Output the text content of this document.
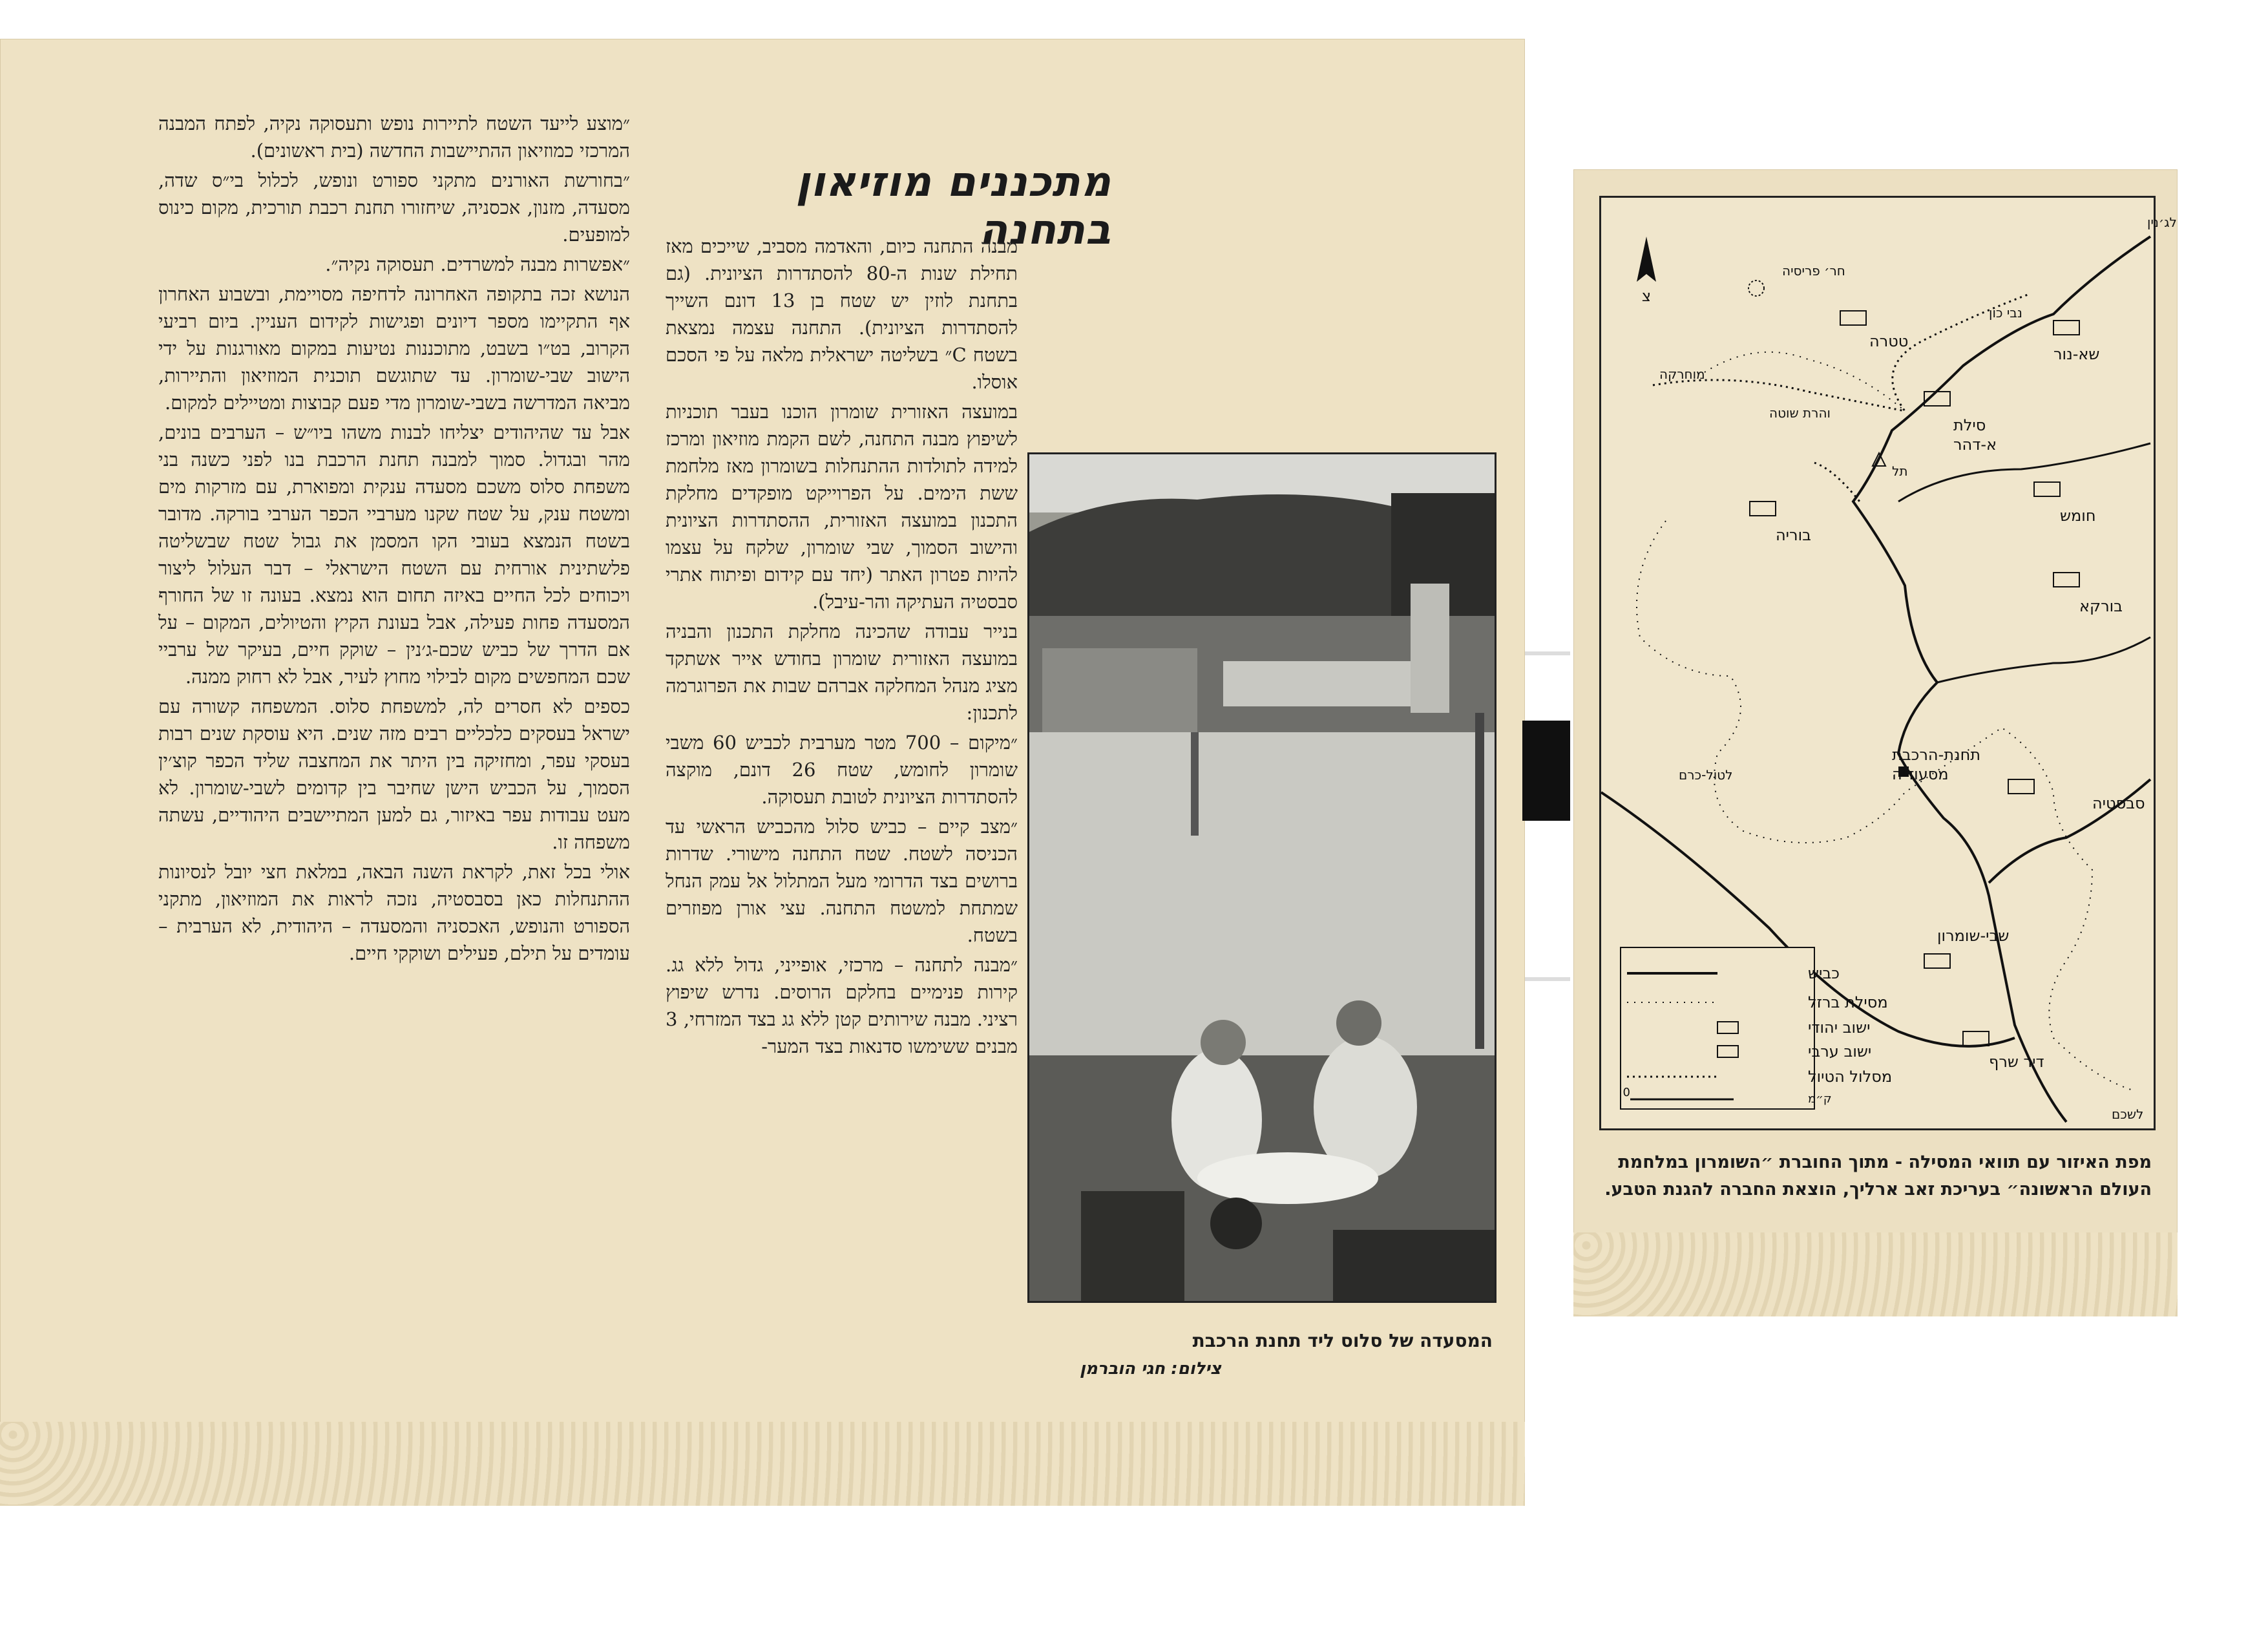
מתכננים מוזיאון בתחנה

מבנה התחנה כיום, והאדמה מסביב, שייכים מאז תחילת שנות ה-80 להסתדרות הציונית. (גם בתחנת לוזין יש שטח בן 13 דונם השייך להסתדרות הציונית). התחנה עצמה נמצאת בשטח C״ בשליטה ישראלית מלאה על פי הסכם אוסלו.

במועצה האזורית שומרון הוכנו בעבר תוכניות לשיפוץ מבנה התחנה, לשם הקמת מוזיאון ומרכז למידה לתולדות ההתנחלות בשומרון מאז מלחמת ששת הימים. על הפרוייקט מופקדים מחלקת התכנון במועצה האזורית, ההסתדרות הציונית והישוב הסמוך, שבי שומרון, שלקח על עצמו להיות פטרון האתר (יחד עם קידום ופיתוח אתרי סבסטיה העתיקה והר-עיבל).

בנייר עבודה שהכינה מחלקת התכנון והבניה במועצה האזורית שומרון בחודש אייר אשתקד מציג מנהל המחלקה אברהם שבות את הפרוגרמה לתכנון:

״מיקום – 700 מטר מערבית לכביש 60 משבי שומרון לחומש, שטח 26 דונם, מוקצה להסתדרות הציונית לטובת תעסוקה.

״מצב קיים – כביש סלול מהכביש הראשי עד הכניסה לשטח. שטח התחנה מישורי. שדרות ברושים בצד הדרומי מעל המתלול אל עמק הנחל שמתחת למשטח התחנה. עצי אורן מפוזרים בשטח.

״מבנה לתחנה – מרכזי, אופייני, גדול ללא גג. קירות פנימיים בחלקם הרוסים. נדרש שיפוץ רציני. מבנה שירותים קטן ללא גג בצד המזרחי, 3 מבנים ששימשו סדנאות בצד המער-

״מוצע לייעד השטח לתיירות נופש ותעסוקה נקיה, לפתח המבנה המרכזי כמוזיאון ההתיישבות החדשה (בית ראשונים).

״בחורשת האורנים מתקני ספורט ונופש, לכלול בי״ס שדה, מסעדה, מזנון, אכסניה, שיחזורו תחנת רכבת תורכית, מקום כינוס למופעים.

״אפשרות מבנה למשרדים. תעסוקה נקיה״.

הנושא זכה בתקופה האחרונה לדחיפה מסויימת, ובשבוע האחרון אף התקיימו מספר דיונים ופגישות לקידום העניין. ביום רביעי הקרוב, בט״ו בשבט, מתוכננות נטיעות במקום מאורגנות על ידי הישוב שבי-שומרון. עד שתוגשם תוכנית המוזיאון והתיירות, מביאה המדרשה בשבי-שומרון מדי פעם קבוצות ומטיילים למקום.

אבל עד שהיהודים יצליחו לבנות משהו ביו״ש – הערבים בונים, מהר ובגדול. סמוך למבנה תחנת הרכבת בנו לפני כשנה בני משפחת סלוס משכם מסעדה ענקית ומפוארת, עם מזרקות מים ומשטח ענק, על שטח שקנו מערביי הכפר הערבי בורקה. מדובר בשטח הנמצא בעובי הקו המסמן את גבול שטח שבשליטה פלשתינית אורחית עם השטח הישראלי – דבר העלול ליצור ויכוחים לכל החיים באיזה תחום הוא נמצא. בעונה זו של החורף המסעדה פחות פעילה, אבל בעונת הקיץ והטיולים, המקום – על אם הדרך של כביש שכם-ג׳נין – שוקק חיים, בעיקר של ערביי שכם המחפשים מקום לבילוי מחוץ לעיר, אבל לא רחוק ממנה.

כספים לא חסרים לה, למשפחת סלוס. המשפחה קשורה עם ישראל בעסקים כלכליים רבים מזה שנים. היא עוסקת שנים רבות בעסקי עפר, ומחזיקה בין היתר את המחצבה שליד הכפר קוצ׳ין הסמוך, על הכביש הישן שחיבר בין קדומים לשבי-שומרון. לא מעט עבודות עפר באיזור, גם למען המתיישבים היהודיים, עשתה משפחה זו.

אולי בכל זאת, לקראת השנה הבאה, במלאת חצי יובל לנסיונות ההתנחלות כאן בסבסטיה, נזכה לראות את המוזיאון, מתקני הספורט והנופש, האכסניה והמסעדה – היהודית, לא הערבית – עומדים על תילם, פעילים ושוקקי חיים.

המסעדה של סלוס ליד תחנת הרכבת
צילום: חגי הוברמן
צ
שא-נור
טטרה
סילת
א-דהר
בוריה
חומש
בורקא
סבסטיה
שבי-שומרון
דיר שרף
תחנת-הרכבת
מסעודיה
לג׳נין
לטול-כרם
לשכם
נבי כון
והרת שוטה
מוחרקה
חר׳ פריסיה
תל
כביש
מסילת ברזל
ישוב יהודי
ישוב ערבי
מסלול הטיול
0	ק״מ
מפת האיזור עם תוואי המסילה - מתוך החוברת ״השומרון במלחמת העולם הראשונה״ בעריכת זאב ארליך, הוצאת החברה להגנת הטבע.
